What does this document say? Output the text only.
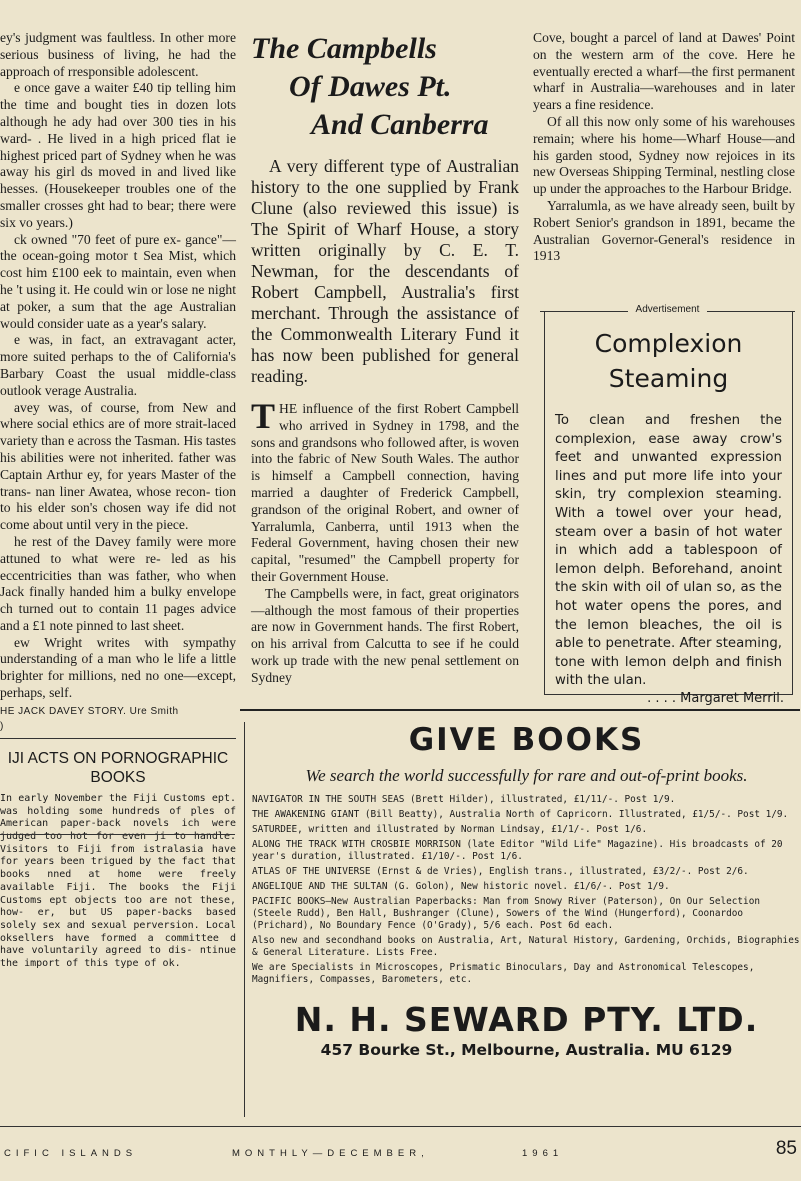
ey's judgment was faultless. In other more serious business of living, he had the approach of rresponsible adolescent.

e once gave a waiter £40 tip telling him the time and bought ties in dozen lots although he ady had over 300 ties in his ward- . He lived in a high priced flat ie highest priced part of Sydney when he was away his girl ds moved in and lived like hesses. (Housekeeper troubles one of the smaller crosses ght had to bear; there were six vo years.)

ck owned "70 feet of pure ex- gance"—the ocean-going motor t Sea Mist, which cost him £100 eek to maintain, even when he 't using it. He could win or lose ne night at poker, a sum that the age Australian would consider uate as a year's salary.

e was, in fact, an extravagant acter, more suited perhaps to the of California's Barbary Coast the usual middle-class outlook verage Australia.

avey was, of course, from New and where social ethics are of more strait-laced variety than e across the Tasman. His tastes his abilities were not inherited. father was Captain Arthur ey, for years Master of the trans- nan liner Awatea, whose recon- tion to his elder son's chosen way ife did not come about until very in the piece.

he rest of the Davey family were more attuned to what were re- led as his eccentricities than was father, who when Jack finally handed him a bulky envelope ch turned out to contain 11 pages advice and a £1 note pinned to last sheet.

ew Wright writes with sympathy understanding of a man who le life a little brighter for millions, ned no one—except, perhaps, self.

HE JACK DAVEY STORY. Ure Smith
)
IJI ACTS ON PORNOGRAPHIC BOOKS
In early November the Fiji Customs ept. was holding some hundreds of ples of American paper-back novels ich were judged too hot for even ji to handle. Visitors to Fiji from istralasia have for years been trigued by the fact that books nned at home were freely available Fiji. The books the Fiji Customs ept objects too are not these, how- er, but US paper-backs based solely sex and sexual perversion. Local oksellers have formed a committee d have voluntarily agreed to dis- ntinue the import of this type of ok.
The Campbells
Of Dawes Pt.
And Canberra
A very different type of Australian history to the one supplied by Frank Clune (also reviewed this issue) is The Spirit of Wharf House, a story written originally by C. E. T. Newman, for the descendants of Robert Campbell, Australia's first merchant. Through the assistance of the Commonwealth Literary Fund it has now been published for general reading.

THE influence of the first Robert Campbell who arrived in Sydney in 1798, and the sons and grandsons who followed after, is woven into the fabric of New South Wales. The author is himself a Campbell connection, having married a daughter of Frederick Campbell, grandson of the original Robert, and owner of Yarralumla, Canberra, until 1913 when the Federal Government, having chosen their new capital, "resumed" the Campbell property for their Government House.

The Campbells were, in fact, great originators—although the most famous of their properties are now in Government hands. The first Robert, on his arrival from Calcutta to see if he could work up trade with the new penal settlement on Sydney

Cove, bought a parcel of land at Dawes' Point on the western arm of the cove. Here he eventually erected a wharf—the first permanent wharf in Australia—warehouses and in later years a fine residence.

Of all this now only some of his warehouses remain; where his home—Wharf House—and his garden stood, Sydney now rejoices in its new Overseas Shipping Terminal, nestling close up under the approaches to the Harbour Bridge.

Yarralumla, as we have already seen, built by Robert Senior's grandson in 1891, became the Australian Governor-General's residence in 1913

Advertisement
Complexion
Steaming
To clean and freshen the complexion, ease away crow's feet and unwanted expression lines and put more life into your skin, try complexion steaming. With a towel over your head, steam over a basin of hot water in which add a tablespoon of lemon delph. Beforehand, anoint the skin with oil of ulan so, as the hot water opens the pores, and the lemon bleaches, the oil is able to penetrate. After steaming, tone with lemon delph and finish with the ulan.
. . . . Margaret Merril.
GIVE BOOKS
We search the world successfully for rare and out-of-print books.
NAVIGATOR IN THE SOUTH SEAS (Brett Hilder), illustrated, £1/11/-. Post 1/9.
THE AWAKENING GIANT (Bill Beatty), Australia North of Capricorn. Illustrated, £1/5/-. Post 1/9.
SATURDEE, written and illustrated by Norman Lindsay, £1/1/-. Post 1/6.
ALONG THE TRACK WITH CROSBIE MORRISON (late Editor "Wild Life" Magazine). His broadcasts of 20 year's duration, illustrated. £1/10/-. Post 1/6.
ATLAS OF THE UNIVERSE (Ernst & de Vries), English trans., illustrated, £3/2/-. Post 2/6.
ANGELIQUE AND THE SULTAN (G. Golon), New historic novel. £1/6/-. Post 1/9.
PACIFIC BOOKS—New Australian Paperbacks: Man from Snowy River (Paterson), On Our Selection (Steele Rudd), Ben Hall, Bushranger (Clune), Sowers of the Wind (Hungerford), Coonardoo (Prichard), No Boundary Fence (O'Grady), 5/6 each. Post 6d each.
Also new and secondhand books on Australia, Art, Natural History, Gardening, Orchids, Biographies & General Literature. Lists Free.
We are Specialists in Microscopes, Prismatic Binoculars, Day and Astronomical Telescopes, Magnifiers, Compasses, Barometers, etc.
N. H. SEWARD PTY. LTD.
457 Bourke St., Melbourne, Australia. MU 6129
CIFIC ISLANDS	MONTHLY—DECEMBER,	1961	85
